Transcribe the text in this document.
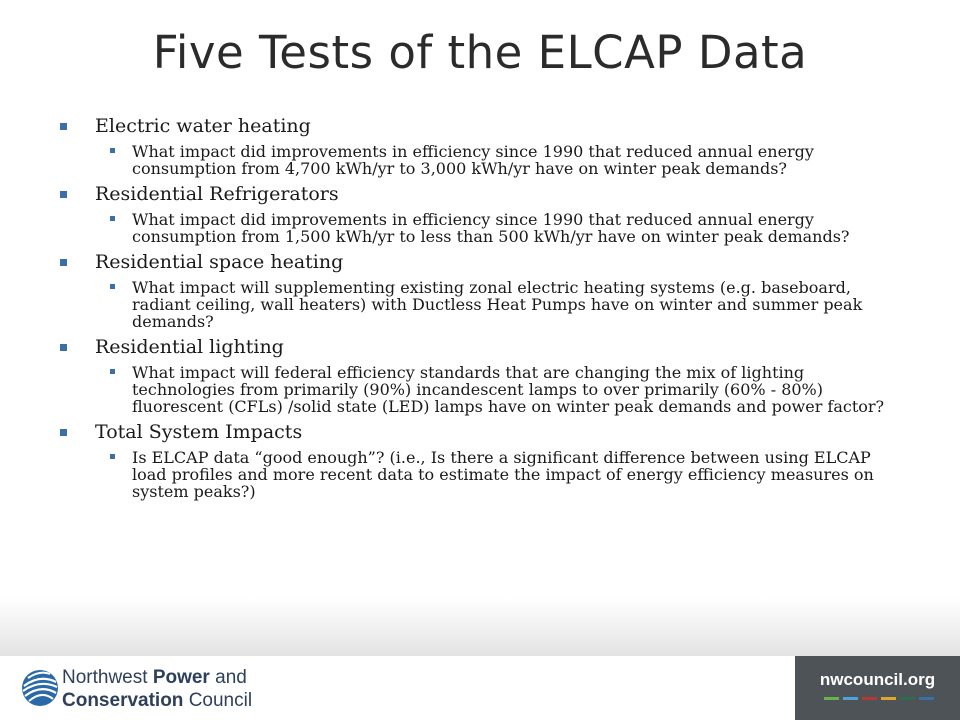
Five Tests of the ELCAP Data
Electric water heating
What impact did improvements in efficiency since 1990 that reduced annual energy consumption from 4,700 kWh/yr to 3,000 kWh/yr have on winter peak demands?
Residential Refrigerators
What impact did improvements in efficiency since 1990 that reduced annual energy consumption from 1,500 kWh/yr to less than 500 kWh/yr have on winter peak demands?
Residential space heating
What impact will supplementing existing zonal electric heating systems (e.g. baseboard, radiant ceiling, wall heaters) with Ductless Heat Pumps have on winter and summer peak demands?
Residential lighting
What impact will federal efficiency standards that are changing the mix of lighting technologies from primarily (90%) incandescent lamps to over primarily (60% - 80%) fluorescent (CFLs) /solid state (LED) lamps have on winter peak demands and power factor?
Total System Impacts
Is ELCAP data “good enough”? (i.e., Is there a significant difference between using ELCAP load profiles and more recent data to estimate the impact of energy efficiency measures on system peaks?)
Northwest Power and
Conservation Council
nwcouncil.org
